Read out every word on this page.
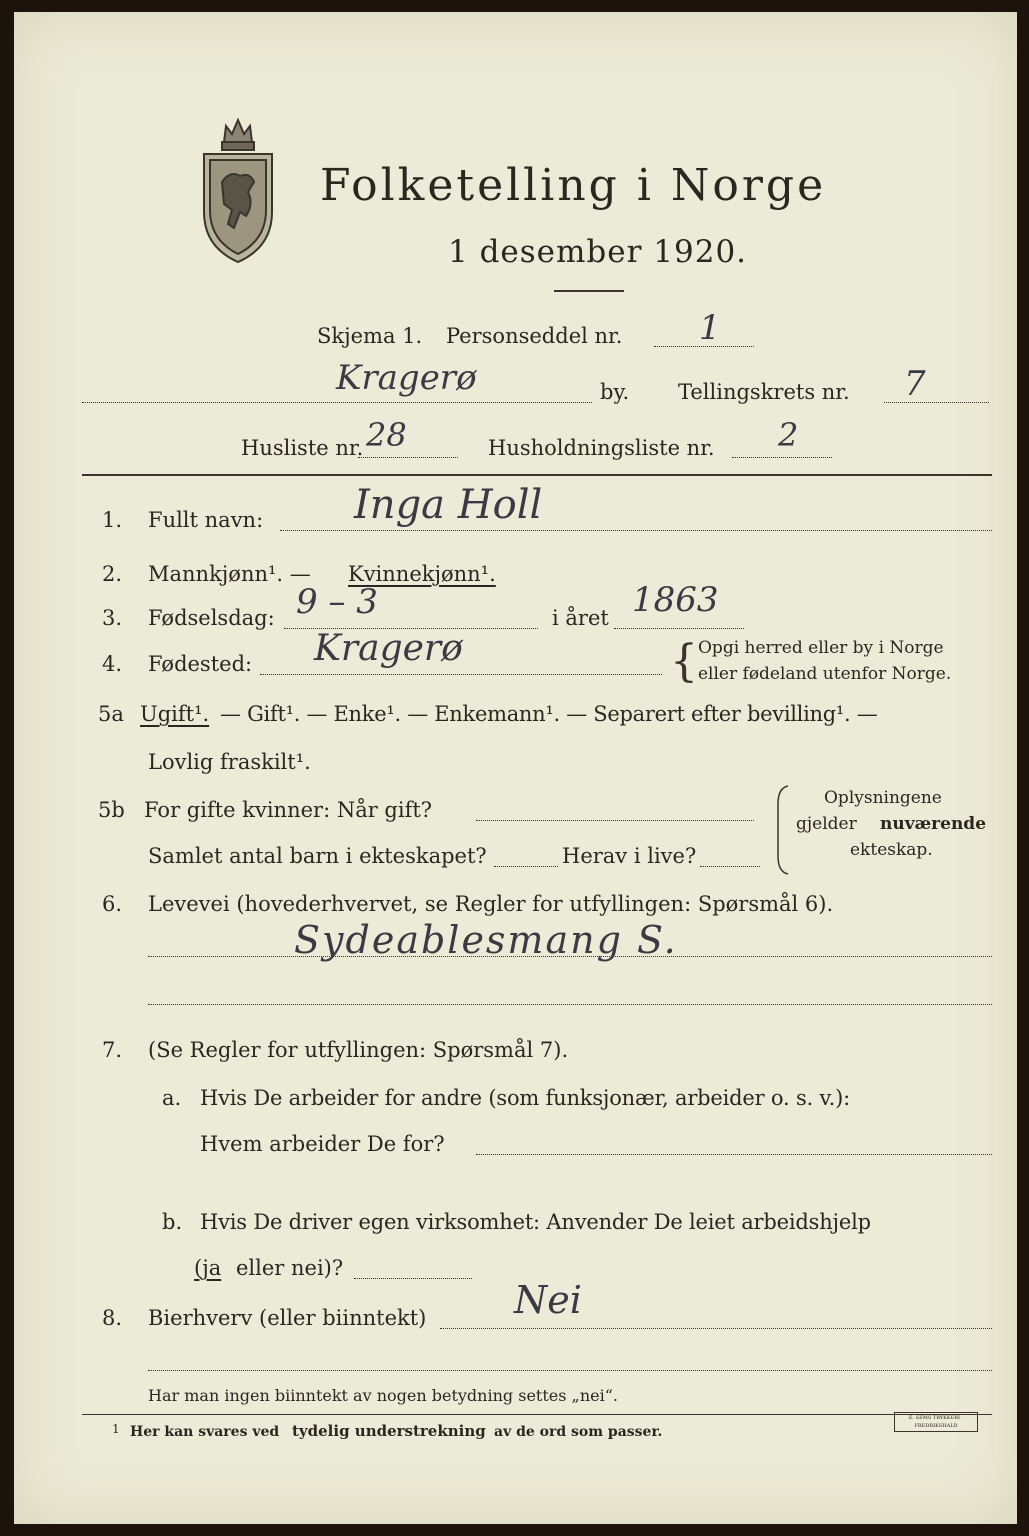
Folketelling i Norge
1 desember 1920.
Skjema 1. Personseddel nr. 1
Kragerø	by. Tellingskrets nr. 7
Husliste nr. 28	Husholdningsliste nr. 2
1. Fullt navn: Inga Holl
2. Mannkjønn¹. — Kvinnekjønn¹.
3. Fødselsdag: 9 – 3	i året 1863
4. Fødested: Kragerø	{ Opgi herred eller by i Norge
eller fødeland utenfor Norge.
5a Ugift¹. — Gift¹. — Enke¹. — Enkemann¹. — Separert efter bevilling¹. —
Lovlig fraskilt¹.
5b For gifte kvinner: Når gift?
Samlet antal barn i ekteskapet?	Herav i live?
Oplysningene
gjelder nuværende
ekteskap.
6. Levevei (hovederhvervet, se Regler for utfyllingen: Spørsmål 6).
Sydeablesmang S.
7. (Se Regler for utfyllingen: Spørsmål 7).
a. Hvis De arbeider for andre (som funksjonær, arbeider o. s. v.):
Hvem arbeider De for?
b. Hvis De driver egen virksomhet: Anvender De leiet arbeidshjelp
(ja eller nei)?
8. Bierhverv (eller biinntekt) Nei
Har man ingen biinntekt av nogen betydning settes „nei“.
1 Her kan svares ved tydelig understrekning av de ord som passer.
E. SEMS TRYKKERI · FREDRIKSHALD
